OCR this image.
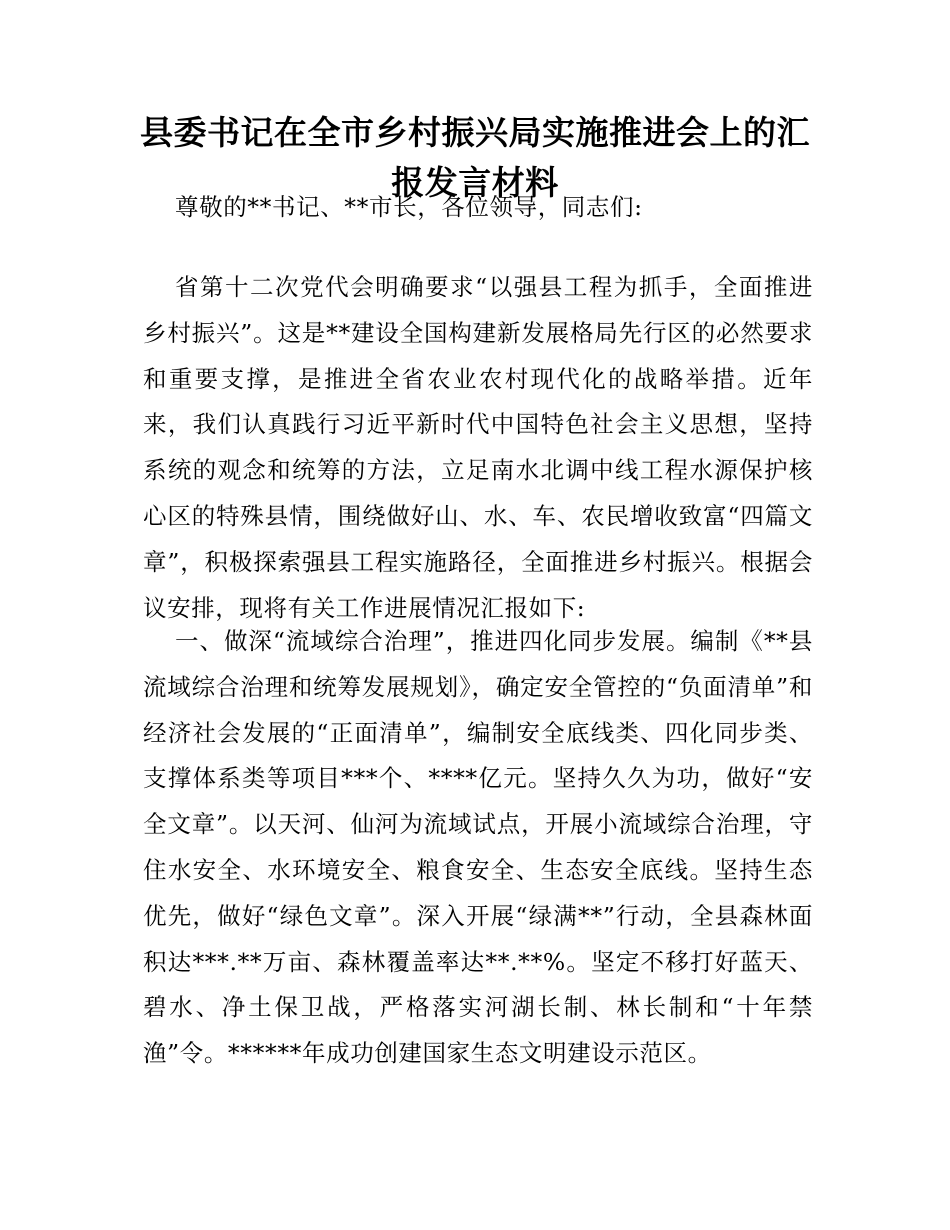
县委书记在全市乡村振兴局实施推进会上的汇报发言材料

尊敬的**书记、**市长，各位领导，同志们:

省第十二次党代会明确要求“以强县工程为抓手，全面推进乡村振兴”。这是**建设全国构建新发展格局先行区的必然要求和重要支撑，是推进全省农业农村现代化的战略举措。近年来，我们认真践行习近平新时代中国特色社会主义思想，坚持系统的观念和统筹的方法，立足南水北调中线工程水源保护核心区的特殊县情，围绕做好山、水、车、农民增收致富“四篇文章”，积极探索强县工程实施路径，全面推进乡村振兴。根据会议安排，现将有关工作进展情况汇报如下:

一、做深“流域综合治理”，推进四化同步发展。编制《**县流域综合治理和统筹发展规划》，确定安全管控的“负面清单”和经济社会发展的“正面清单”，编制安全底线类、四化同步类、支撑体系类等项目***个、****亿元。坚持久久为功，做好“安全文章”。以天河、仙河为流域试点，开展小流域综合治理，守住水安全、水环境安全、粮食安全、生态安全底线。坚持生态优先，做好“绿色文章”。深入开展“绿满**”行动，全县森林面积达***.**万亩、森林覆盖率达**.**%。坚定不移打好蓝天、碧水、净土保卫战，严格落实河湖长制、林长制和“十年禁渔”令。******年成功创建国家生态文明建设示范区。
